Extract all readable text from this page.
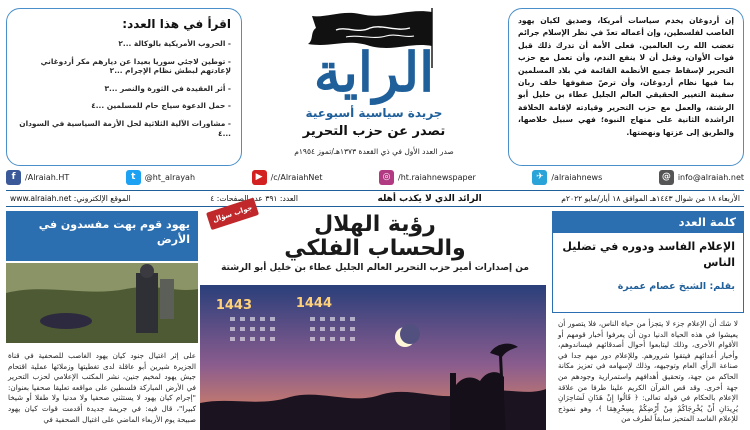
إن أردوغان يخدم سياسات أمريكا، وصديق لكيان يهود الغاصب لفلسطين، وإن أعماله تعدّ في نظر الإسلام جرائم تغضب الله رب العالمين. فعلى الأمة أن تدرك ذلك قبل فوات الأوان، وقبل أن لا ينفع الندم، وأن تعمل مع حزب التحرير لإسقاط جميع الأنظمة القائمة في بلاد المسلمين بما فيها نظام أردوغان، وأن ترصّ صفوفها خلف ربان سفينة التغيير الحقيقي العالم الجليل عطاء بن خليل أبو الرشتة، والعمل مع حزب التحرير وقيادته لإقامة الخلافة الراشدة الثانية على منهاج النبوة؛ فهي سبيل خلاصها، والطريق إلى عزتها ونهضتها.

الراية
جريدة سياسية أسبوعية
تصدر عن حزب التحرير
صدر العدد الأول في ذي القعدة ١٣٧٣هـ/تموز ١٩٥٤م
اقرأ في هذا العدد:
- الحروب الأمريكية بالوكالة ...٢
- توطين لاجئي سوريا بعيدا عن ديارهم مكر أردوغاني لإعادتهم لبطش نظام الإجرام ...٢
- أثر العقيدة في الثورة والنصر ...٣
- حمل الدعوة سياج حام للمسلمين ...٤
- مشاورات الآلية الثلاثية لحل الأزمة السياسية في السودان ...٤
@ info@alraiah.net
✈ /alraiahnews
◎ /ht.raiahnewspaper
▶	/c/AlraiahNet
t	@ht_alrayah
f	/Alraiah.HT
الأربعاء ١٨ من شوال ١٤٤٣هـ الموافق ١٨ أيار/مايو ٢٠٢٢م
الرائد الذي لا يكذب أهله
العدد: ٣٩١ عدد الصفحات: ٤
الموقع الإلكتروني: www.alraiah.net
كلمة العدد
الإعلام الفاسد ودوره في تضليل الناس
بقلم: الشيخ عصام عميرة
لا شك أن الإعلام جزء لا يتجزأ من حياة الناس، فلا يتصور أن يعيشوا في هذه الحياة الدنيا دون أن يعرفوا أخبار قومهم أو الأقوام الأخرى، وذلك ليتابعوا أحوال أصدقائهم فيساندوهم، وأخبار أعدائهم فيتقوا شرورهم. وللإعلام دور مهم جدا في صناعة الرأي العام وتوجيهه، وذلك لإسهامه في تعزيز مكانة الحاكم من جهة، وتحقيق أهدافهم واستمرارية وجودهم من جهة أخرى. وقد قص القرآن الكريم علينا طرفا من علاقة الإعلام بالحكام في قوله تعالى: ﴿ قَالُوا إِنْ هَذَانِ لَسَاحِرَانِ يُرِيدَانِ أَنْ يُخْرِجَاكُمْ مِنْ أَرْضِكُمْ بِسِحْرِهِمَا ﴾، وهو نموذج للإعلام الفاسد المتحيز سابقاً لطرف من
رؤية الهلال
والحساب الفلكي
جواب سؤال
من إصدارات أمير حزب التحرير العالم الجليل عطاء بن خليل أبو الرشتة
1443	1444
يهود قوم بهت مفسدون في الأرض
على إثر اغتيال جنود كيان يهود الغاصب للصحفية في قناة الجزيرة شيرين أبو عاقلة لدى تغطيتها وزملائها عملية اقتحام جيش يهود لمخيم جنين، نشر المكتب الإعلامي لحزب التحرير في الأرض المباركة فلسطين على مواقعه تعليقا صحفيا بعنوان: "إجرام كيان يهود لا يستثني صحفيا ولا مدنيا ولا طفلا أو شيخا كبيرا"، قال فيه: في جريمة جديدة أقدمت قوات كيان يهود صبيحة يوم الأربعاء الماضي على اغتيال الصحفية في
